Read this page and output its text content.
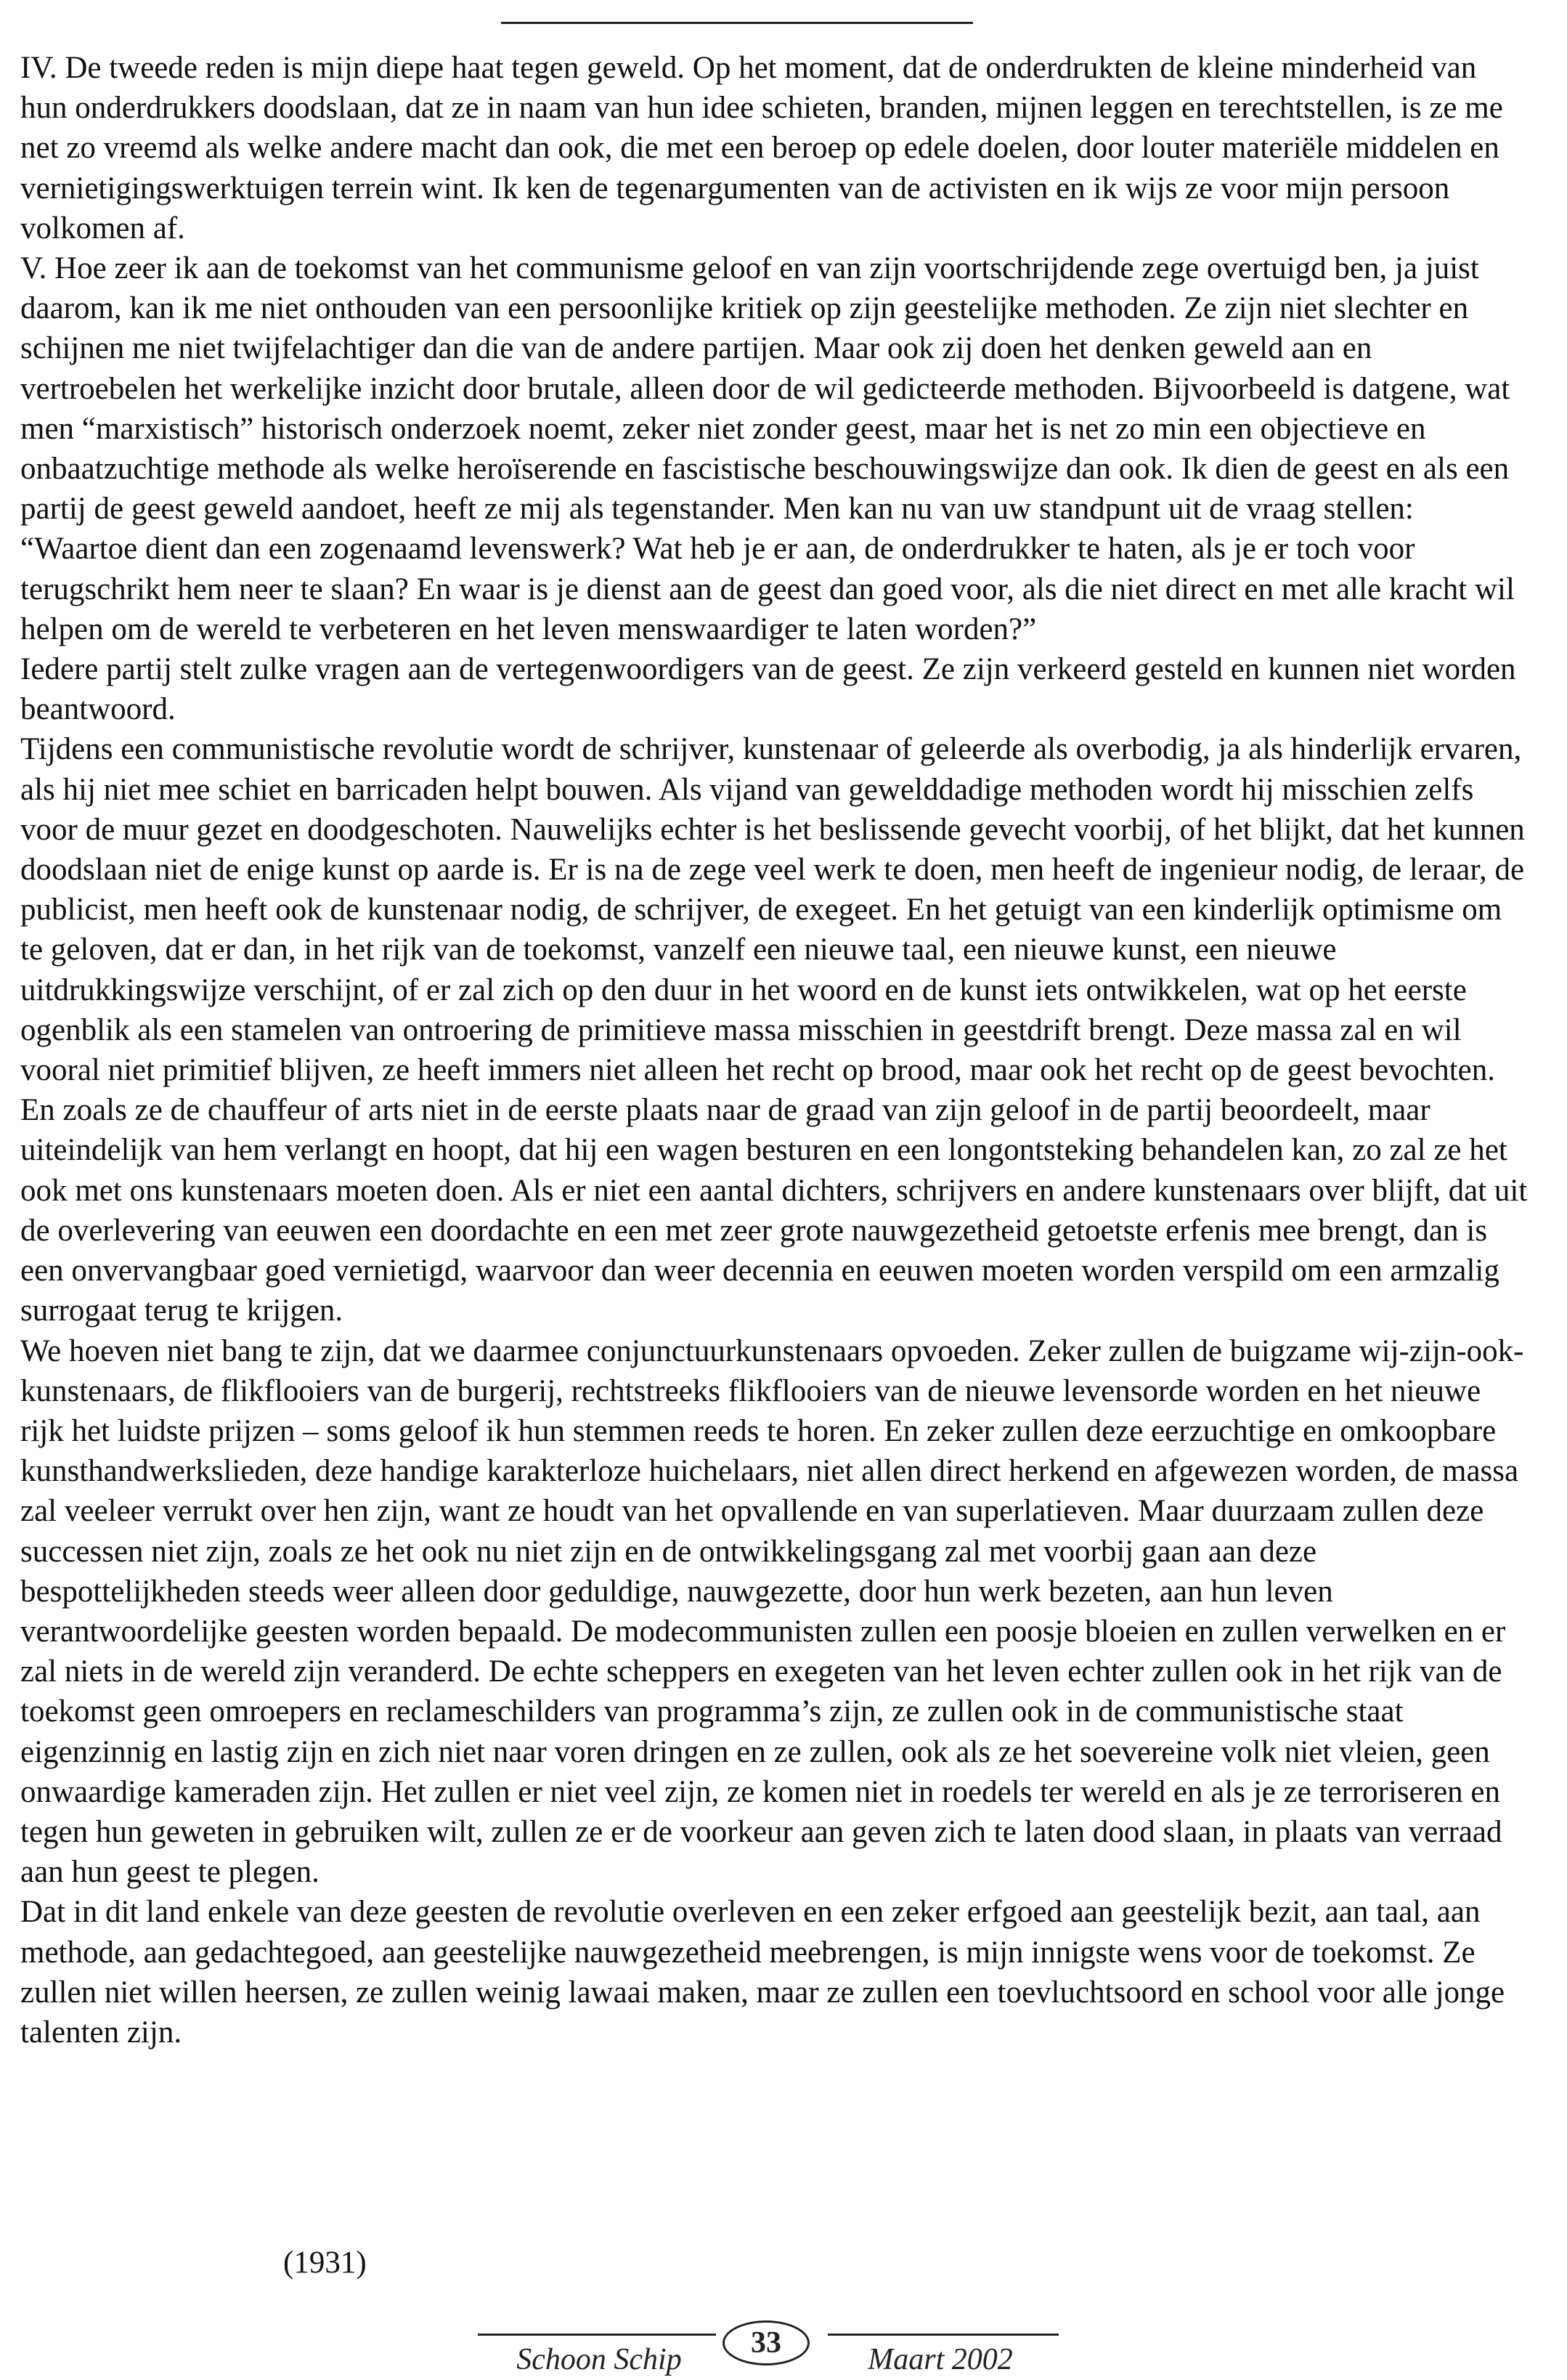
IV. De tweede reden is mijn diepe haat tegen geweld. Op het moment, dat de onderdrukten de kleine minderheid van hun onderdrukkers doodslaan, dat ze in naam van hun idee schieten, branden, mijnen leggen en terechtstellen, is ze me net zo vreemd als welke andere macht dan ook, die met een beroep op edele doelen, door louter materiële middelen en vernietigingswerktuigen terrein wint. Ik ken de tegenargumenten van de activisten en ik wijs ze voor mijn persoon volkomen af.

V. Hoe zeer ik aan de toekomst van het communisme geloof en van zijn voortschrijdende zege overtuigd ben, ja juist daarom, kan ik me niet onthouden van een persoonlijke kritiek op zijn geestelijke methoden. Ze zijn niet slechter en schijnen me niet twijfelachtiger dan die van de andere partijen. Maar ook zij doen het denken geweld aan en vertroebelen het werkelijke inzicht door brutale, alleen door de wil gedicteerde methoden. Bijvoorbeeld is datgene, wat men “marxistisch” historisch onderzoek noemt, zeker niet zonder geest, maar het is net zo min een objectieve en onbaatzuchtige methode als welke heroïserende en fascistische beschouwingswijze dan ook. Ik dien de geest en als een partij de geest geweld aandoet, heeft ze mij als tegenstander. Men kan nu van uw standpunt uit de vraag stellen: “Waartoe dient dan een zogenaamd levenswerk? Wat heb je er aan, de onderdrukker te haten, als je er toch voor terugschrikt hem neer te slaan? En waar is je dienst aan de geest dan goed voor, als die niet direct en met alle kracht wil helpen om de wereld te verbeteren en het leven menswaardiger te laten worden?”

Iedere partij stelt zulke vragen aan de vertegenwoordigers van de geest. Ze zijn verkeerd gesteld en kunnen niet worden beantwoord.

Tijdens een communistische revolutie wordt de schrijver, kunstenaar of geleerde als overbodig, ja als hinderlijk ervaren, als hij niet mee schiet en barricaden helpt bouwen. Als vijand van gewelddadige methoden wordt hij misschien zelfs voor de muur gezet en doodgeschoten. Nauwelijks echter is het beslissende gevecht voorbij, of het blijkt, dat het kunnen doodslaan niet de enige kunst op aarde is. Er is na de zege veel werk te doen, men heeft de ingenieur nodig, de leraar, de publicist, men heeft ook de kunstenaar nodig, de schrijver, de exegeet. En het getuigt van een kinderlijk optimisme om te geloven, dat er dan, in het rijk van de toekomst, vanzelf een nieuwe taal, een nieuwe kunst, een nieuwe uitdrukkingswijze verschijnt, of er zal zich op den duur in het woord en de kunst iets ontwikkelen, wat op het eerste ogenblik als een stamelen van ontroering de primitieve massa misschien in geestdrift brengt. Deze massa zal en wil vooral niet primitief blijven, ze heeft immers niet alleen het recht op brood, maar ook het recht op de geest bevochten. En zoals ze de chauffeur of arts niet in de eerste plaats naar de graad van zijn geloof in de partij beoordeelt, maar uiteindelijk van hem verlangt en hoopt, dat hij een wagen besturen en een longontsteking behandelen kan, zo zal ze het ook met ons kunstenaars moeten doen. Als er niet een aantal dichters, schrijvers en andere kunstenaars over blijft, dat uit de overlevering van eeuwen een doordachte en een met zeer grote nauwgezetheid getoetste erfenis mee brengt, dan is een onvervangbaar goed vernietigd, waarvoor dan weer decennia en eeuwen moeten worden verspild om een armzalig surrogaat terug te krijgen.

We hoeven niet bang te zijn, dat we daarmee conjunctuurkunstenaars opvoeden. Zeker zullen de buigzame wij-zijn-ook-kunstenaars, de flikflooiers van de burgerij, rechtstreeks flikflooiers van de nieuwe levensorde worden en het nieuwe rijk het luidste prijzen – soms geloof ik hun stemmen reeds te horen. En zeker zullen deze eerzuchtige en omkoopbare kunsthandwerkslieden, deze handige karakterloze huichelaars, niet allen direct herkend en afgewezen worden, de massa zal veeleer verrukt over hen zijn, want ze houdt van het opvallende en van superlatieven. Maar duurzaam zullen deze successen niet zijn, zoals ze het ook nu niet zijn en de ontwikkelingsgang zal met voorbij gaan aan deze bespottelijkheden steeds weer alleen door geduldige, nauwgezette, door hun werk bezeten, aan hun leven verantwoordelijke geesten worden bepaald. De modecommunisten zullen een poosje bloeien en zullen verwelken en er zal niets in de wereld zijn veranderd. De echte scheppers en exegeten van het leven echter zullen ook in het rijk van de toekomst geen omroepers en reclameschilders van programma’s zijn, ze zullen ook in de communistische staat eigenzinnig en lastig zijn en zich niet naar voren dringen en ze zullen, ook als ze het soevereine volk niet vleien, geen onwaardige kameraden zijn. Het zullen er niet veel zijn, ze komen niet in roedels ter wereld en als je ze terroriseren en tegen hun geweten in gebruiken wilt, zullen ze er de voorkeur aan geven zich te laten dood slaan, in plaats van verraad aan hun geest te plegen.

Dat in dit land enkele van deze geesten de revolutie overleven en een zeker erfgoed aan geestelijk bezit, aan taal, aan methode, aan gedachtegoed, aan geestelijke nauwgezetheid meebrengen, is mijn innigste wens voor de toekomst. Ze zullen niet willen heersen, ze zullen weinig lawaai maken, maar ze zullen een toevluchtsoord en school voor alle jonge talenten zijn.

(1931)
Schoon Schip	33	Maart 2002
